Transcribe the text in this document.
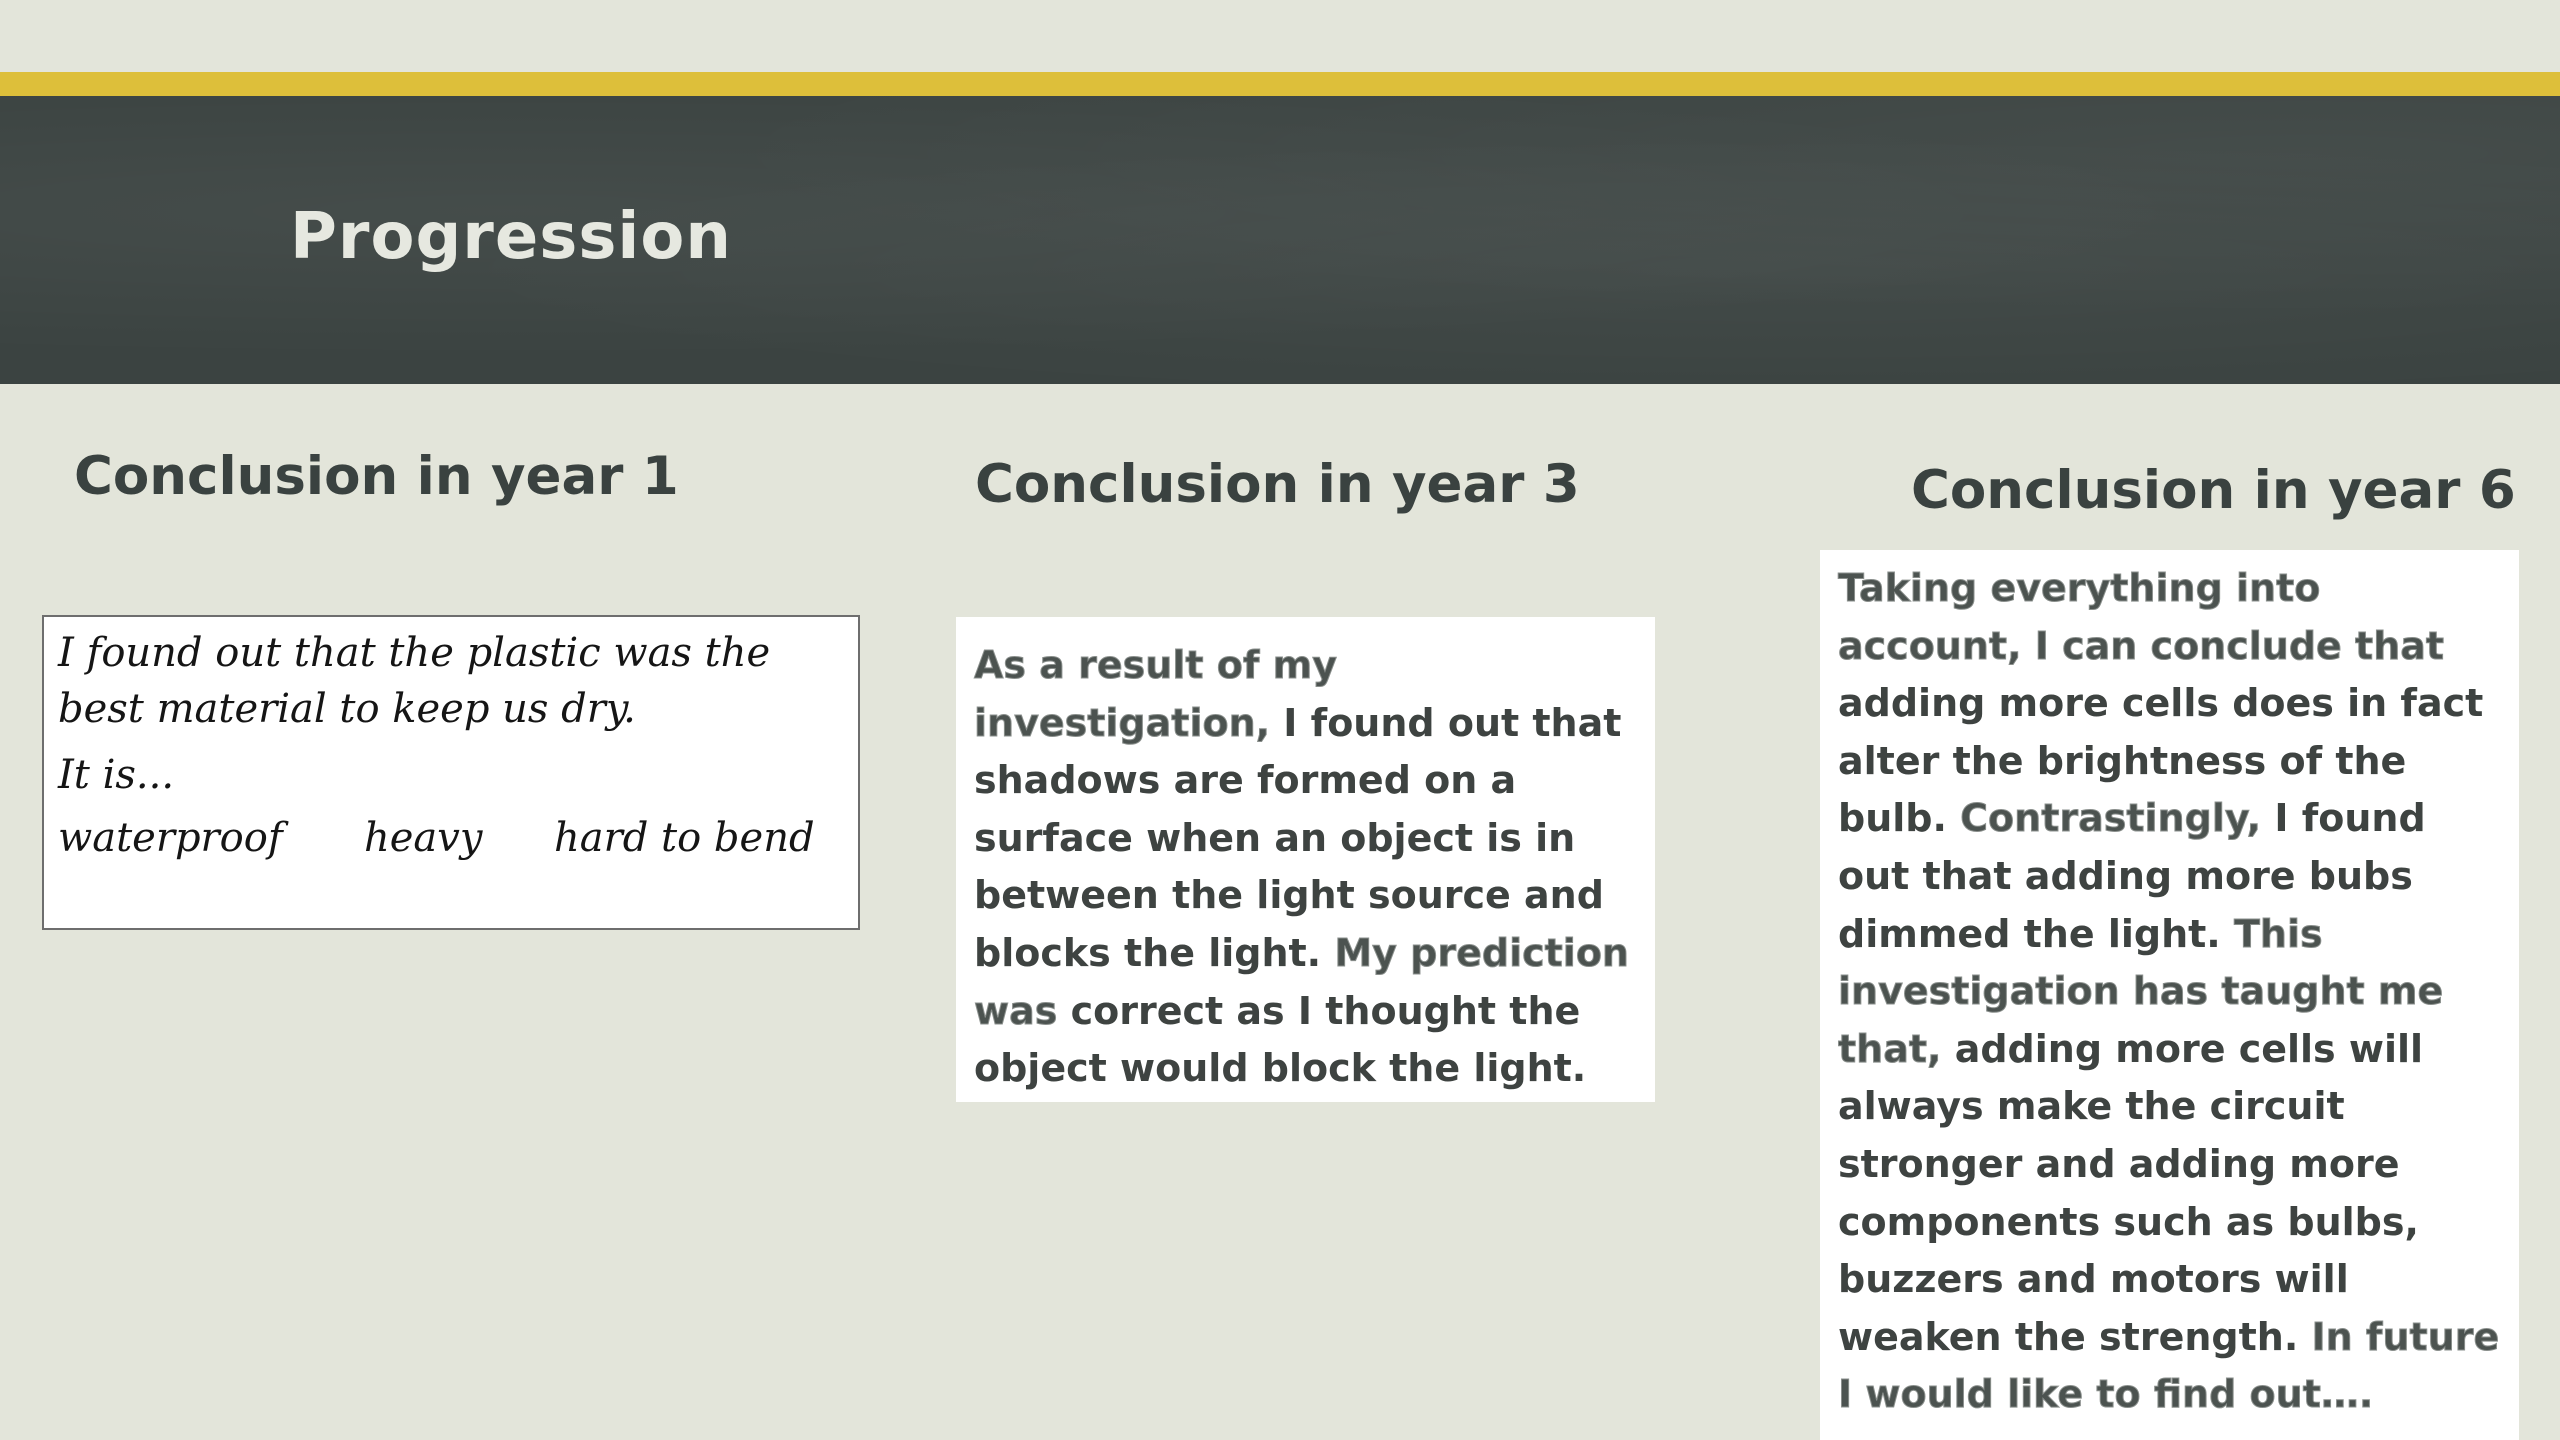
Progression
Conclusion in year 1	Conclusion in year 3	Conclusion in year 6

I found out that the plastic was the best material to keep us dry.

It is...

waterproof	heavy	hard to bend

As a result of my investigation, I found out that shadows are formed on a surface when an object is in between the light source and blocks the light. My prediction was correct as I thought the object would block the light.

Taking everything into account, I can conclude that adding more cells does in fact alter the brightness of the bulb. Contrastingly, I found out that adding more bubs dimmed the light. This investigation has taught me that, adding more cells will always make the circuit stronger and adding more components such as bulbs, buzzers and motors will weaken the strength. In future I would like to find out….
